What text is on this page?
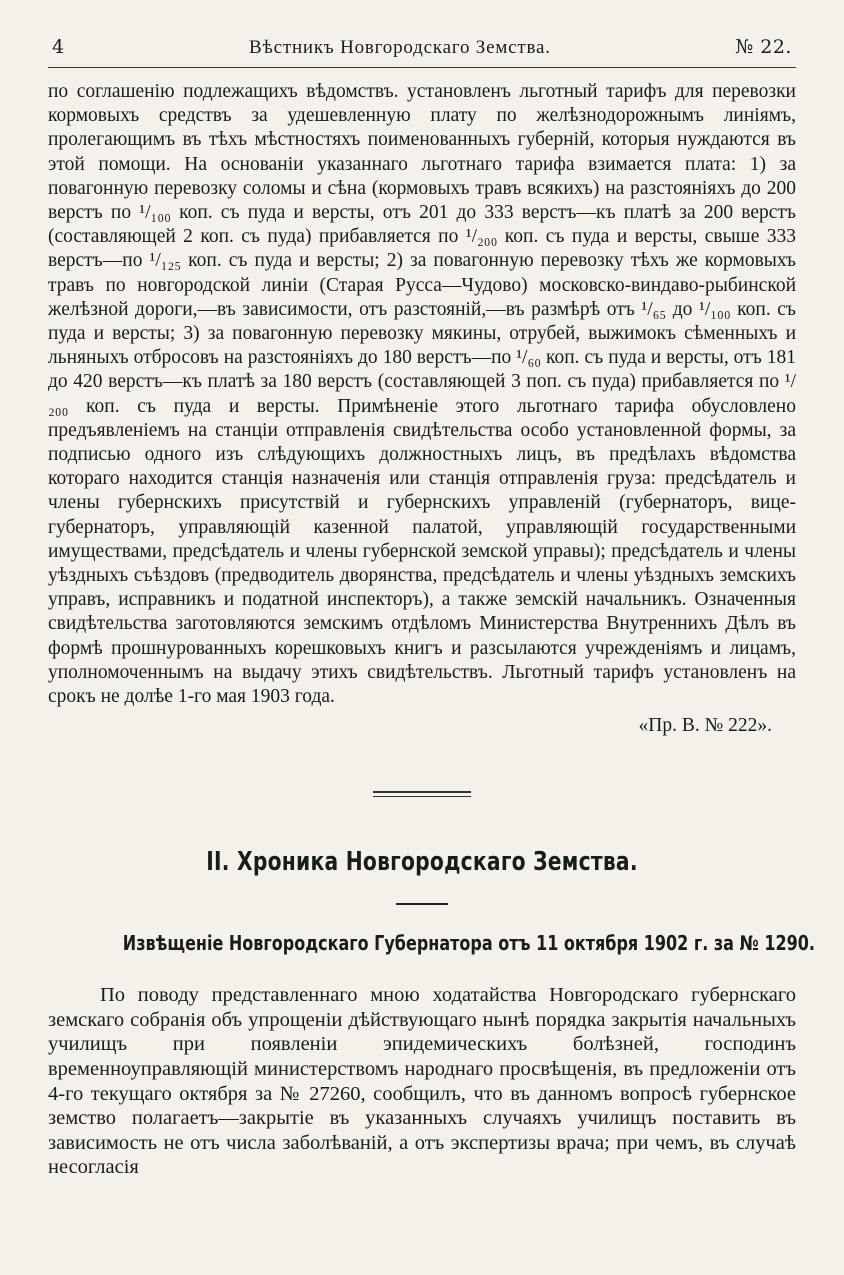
4	Вѣстникъ Новгородскаго Земства.	№ 22.

по соглашенію подлежащихъ вѣдомствъ. установленъ льготный тарифъ для перевозки кормовыхъ средствъ за удешевленную плату по желѣзнодорожнымъ линіямъ, пролегающимъ въ тѣхъ мѣстностяхъ поименованныхъ губерній, которыя нуждаются въ этой помощи. На основаніи указаннаго льготнаго тарифа взимается плата: 1) за повагонную перевозку соломы и сѣна (кормовыхъ травъ всякихъ) на разстояніяхъ до 200 верстъ по ¹/₁₀₀ коп. съ пуда и версты, отъ 201 до 333 верстъ—къ платѣ за 200 верстъ (составляющей 2 коп. съ пуда) прибавляется по ¹/₂₀₀ коп. съ пуда и версты, свыше 333 верстъ—по ¹/₁₂₅ коп. съ пуда и версты; 2) за повагонную перевозку тѣхъ же кормовыхъ травъ по новгородской линіи (Старая Русса—Чудово) московско-виндаво-рыбинской желѣзной дороги,—въ зависимости, отъ разстояній,—въ размѣрѣ отъ ¹/₆₅ до ¹/₁₀₀ коп. съ пуда и версты; 3) за повагонную перевозку мякины, отрубей, выжимокъ сѣменныхъ и льняныхъ отбросовъ на разстояніяхъ до 180 верстъ—по ¹/₆₀ коп. съ пуда и версты, отъ 181 до 420 верстъ—къ платѣ за 180 верстъ (составляющей 3 поп. съ пуда) прибавляется по ¹/₂₀₀ коп. съ пуда и версты. Примѣненіе этого льготнаго тарифа обусловлено предъявленіемъ на станціи отправленія свидѣтельства особо установленной формы, за подписью одного изъ слѣдующихъ должностныхъ лицъ, въ предѣлахъ вѣдомства котораго находится станція назначенія или станція отправленія груза: предсѣдатель и члены губернскихъ присутствій и губернскихъ управленій (губернаторъ, вице-губернаторъ, управляющій казенной палатой, управляющій государственными имуществами, предсѣдатель и члены губернской земской управы); предсѣдатель и члены уѣздныхъ съѣздовъ (предводитель дворянства, предсѣдатель и члены уѣздныхъ земскихъ управъ, исправникъ и податной инспекторъ), а также земскій начальникъ. Означенныя свидѣтельства заготовляются земскимъ отдѣломъ Министерства Внутреннихъ Дѣлъ въ формѣ прошнурованныхъ корешковыхъ книгъ и разсылаются учрежденіямъ и лицамъ, уполномоченнымъ на выдачу этихъ свидѣтельствъ. Льготный тарифъ установленъ на срокъ не долѣе 1-го мая 1903 года.

«Пр. В. № 222».
II. Хроника Новгородскаго Земства.
Извѣщеніе Новгородскаго Губернатора отъ 11 октября 1902 г. за № 1290.

По поводу представленнаго мною ходатайства Новгородскаго губернскаго земскаго собранія объ упрощеніи дѣйствующаго нынѣ порядка закрытія начальныхъ училищъ при появленіи эпидемическихъ болѣзней, господинъ временноуправляющій министерствомъ народнаго просвѣщенія, въ предложеніи отъ 4-го текущаго октября за № 27260, сообщилъ, что въ данномъ вопросѣ губернское земство полагаетъ—закрытіе въ указанныхъ случаяхъ училищъ поставить въ зависимость не отъ числа заболѣваній, а отъ экспертизы врача; при чемъ, въ случаѣ несогласія
